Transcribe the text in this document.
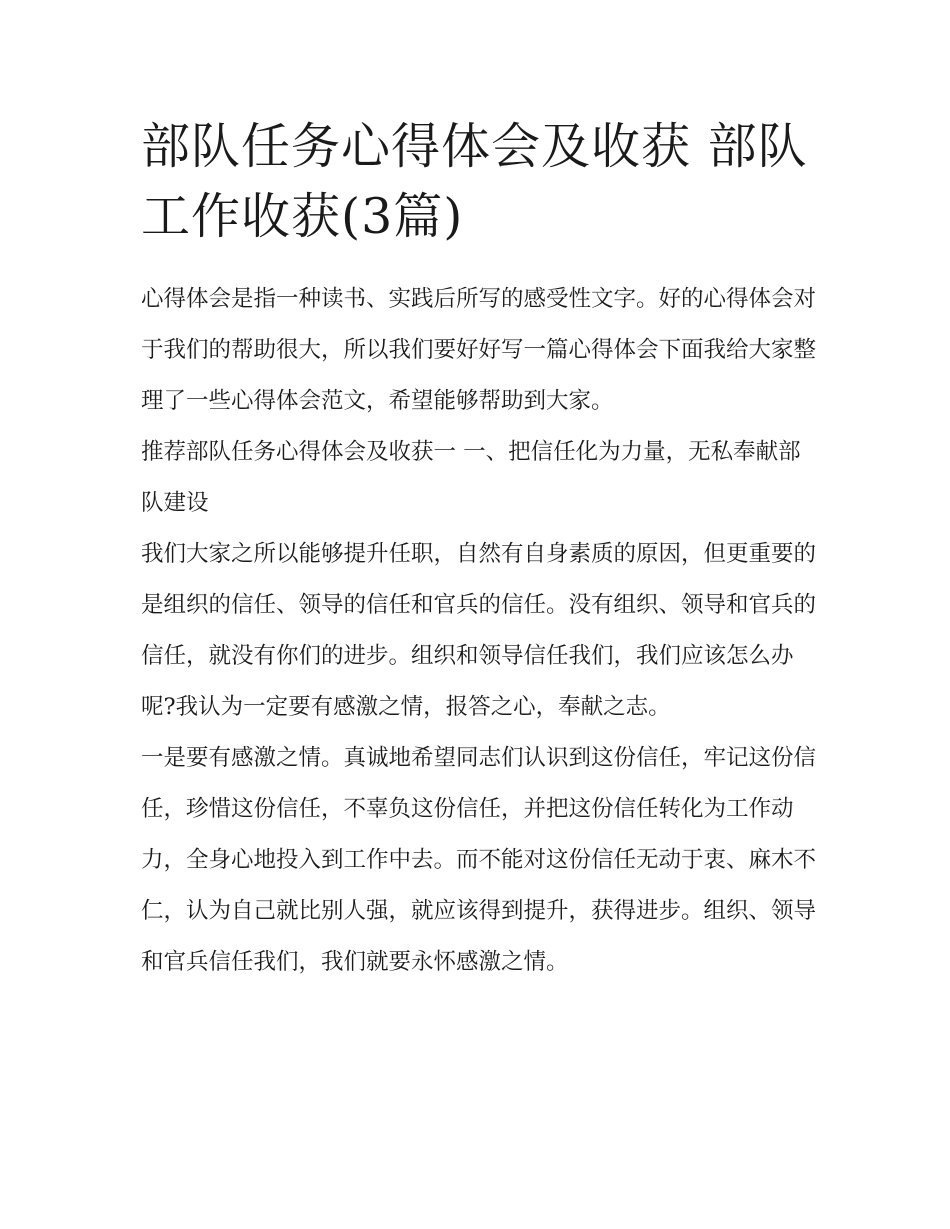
部队任务心得体会及收获 部队工作收获(3篇)

心得体会是指一种读书、实践后所写的感受性文字。好的心得体会对于我们的帮助很大，所以我们要好好写一篇心得体会下面我给大家整理了一些心得体会范文，希望能够帮助到大家。

推荐部队任务心得体会及收获一 一、把信任化为力量，无私奉献部队建设

我们大家之所以能够提升任职，自然有自身素质的原因，但更重要的是组织的信任、领导的信任和官兵的信任。没有组织、领导和官兵的信任，就没有你们的进步。组织和领导信任我们，我们应该怎么办呢?我认为一定要有感激之情，报答之心，奉献之志。

一是要有感激之情。真诚地希望同志们认识到这份信任，牢记这份信任，珍惜这份信任，不辜负这份信任，并把这份信任转化为工作动力，全身心地投入到工作中去。而不能对这份信任无动于衷、麻木不仁，认为自己就比别人强，就应该得到提升，获得进步。组织、领导和官兵信任我们，我们就要永怀感激之情。
